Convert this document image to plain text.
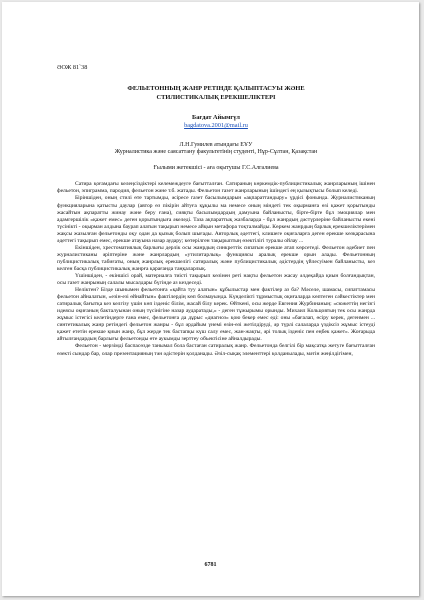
ӘОЖ 81`38
ФЕЛЬЕТОННЫҢ ЖАНР РЕТІНДЕ ҚАЛЫПТАСУЫ ЖӘНЕ
СТИЛИСТИКАЛЫҚ ЕРЕКШЕЛІКТЕРІ
Бағдат Айымгүл
bagdatova.2001@mail.ru
Л.Н.Гумилев атындағы ЕҰУ
Журналистика және саясаттану факультетінің студенті, Нұр-Сұлтан, Қазақстан
Ғылыми жетекшісі - аға оқытушы Г.С.Алгалиева

Сатира қоғамдағы келеңсіздіктері келемеждеуге бағытталған. Сатираның көркемдік-публицистикалық жанрларының ішінен фельетон, эпиграмма, пародия, фельетон және т.б. жатады. Фельетон газет жанрларының ішіндегі ең қызықтысы болып келеді.

Біріншіден, оның стилі өте тартымды, әсіресе газет басылымдарын «ақпараттандыру» үрдісі фонында. Журналистиканың функцияларына қатысты даулар (автор өз пікірін айтуға құқылы ма немесе оның міндеті тек оқырманға өзі қажет қорытынды жасайтын ақпаратты жинау және беру ғана), сияқты басылымдардың дамуына байланысты, бірте-бірте бұл эмоциялар мен адамгершілік «қажет емес» деген қорытындыға әкеледі. Таза ақпараттық жазбаларда - бұл жанрдың дәстүрлеріне байланысты екені түсінікті - оқырман алдына баурап алатын тақырып немесе айқын метафора тоқталмайды. Көркем жанрдың барлық ерекшеліктерімен жақсы жазылған фельетонды оқу одан да қызық болып шығады. Авторлық әдеттегі, клишеге оқиғаларға деген ерекше көзқарасына әдеттегі тақырып емес, ерекше атауына назар аудару; көтерілген тақырыптың өзектілігі туралы ойлау ...

Екіншіден, хрестоматиялық барлығы дерлік осы жанрдың синкреттік сипатын ерекше атап көрсетеді. Фельетон әдебиет пен журналистиканы әріптеріне және жанрлардың «утилитарлық» функциясы аралық ерекше орын алады. Фельетонның публицистикалық табиғаты, оның жанрлық ерекшелігі сатиралық және публицистикалық әдістердің үйлесуімен байланысты, кез келген басқа публицистикалық жанрға қарағанда таңқаларлық.

Үшіншіден, - екіншісі орай, материалға тиісті тақырып көзінен реті нақты фельетон жасау әлдеқайда қиын болғандықтан, осы газет жанрының салалы мысалдары бүгінде аз кездеседі.

Неліктен? Бізде шынымен фельетонға «қайта туу алатын» құбылыстар мен фактілер аз ба? Мәселе, шамасы, сипаттамасы фельетон айналатын, «езін-езі өйнайтын» фактілердің көп болмауында. Күнделікті тұрмыстық оқиғаларда көптеген сәйкестіктер мен сатиралық бағытқа кез келгізу үшін көп ізденіс білім, жасай білу керек. Өйткені, осы жерде Евгения Журбинаның: «сюжеттің негізгі идеясы оқиғаның бакталуынан оның түсінігіне назар аударатады,» - деген тұжырымы орынды. Михаил Кольцовтың тек осы жанрда жұмыс істегісі келетіндерге ғана емес, фельетонға да дұрыс «диагноз» қою бекер емес еді: оны «бағалап, өсіру керек, дегенмен ... синтетикалық жанр ретіндегі фельетон жанры - бұл әрдайым үнемі өзін-өзі жетілдіруді, әр түрлі салаларда үздіксіз жұмыс істеуді қажет ететін ерекше қиын жанр, бұл жерде тек бастапқы күш салу емес, жан-жақты, әрі толық ізденіс пен еңбек қажет». Жоғарыда айтылғандардың барлығы фельетонды өте аукымды зерттеу объектісіне айналдырады.

Фельетон - мерзімді баспасөзде танымал бола бастаған сатиралық жанр. Фельетонда белгілі бір мақсатқа жетуге бағытталған өзекті сындар бар, олар презентацияның тән әдістерін қолданады. Әзіл-сықақ элементтері қолданылады, мәтін жеңілдігімен,

6781
